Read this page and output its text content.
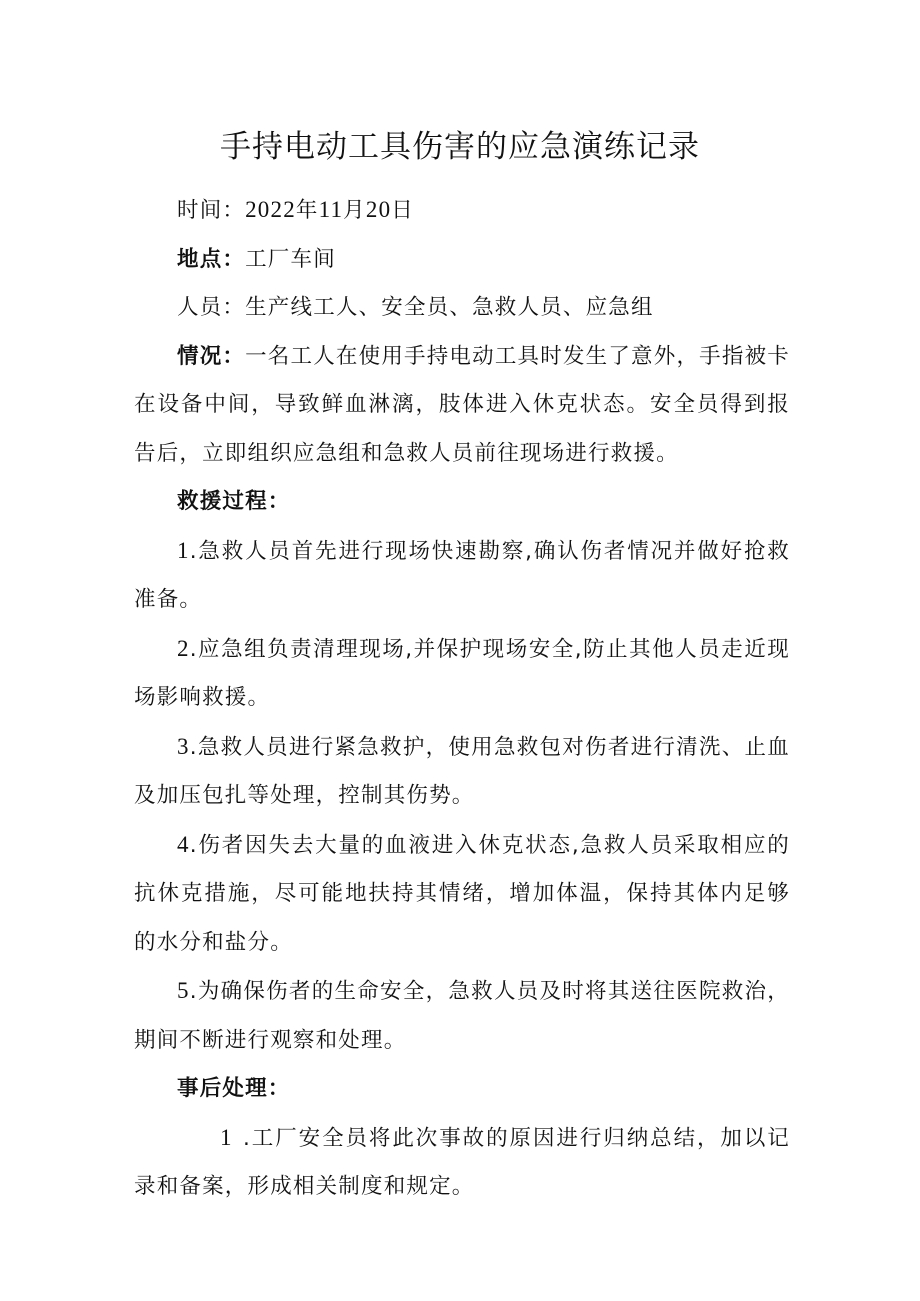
手持电动工具伤害的应急演练记录

时间：2022年11月20日

地点：工厂车间

人员：生产线工人、安全员、急救人员、应急组

情况：一名工人在使用手持电动工具时发生了意外，手指被卡在设备中间，导致鲜血淋漓，肢体进入休克状态。安全员得到报告后，立即组织应急组和急救人员前往现场进行救援。

救援过程：

1.急救人员首先进行现场快速勘察,确认伤者情况并做好抢救准备。

2.应急组负责清理现场,并保护现场安全,防止其他人员走近现场影响救援。

3.急救人员进行紧急救护，使用急救包对伤者进行清洗、止血及加压包扎等处理，控制其伤势。

4.伤者因失去大量的血液进入休克状态,急救人员采取相应的抗休克措施，尽可能地扶持其情绪，增加体温，保持其体内足够的水分和盐分。

5.为确保伤者的生命安全，急救人员及时将其送往医院救治，期间不断进行观察和处理。

事后处理：

1 .工厂安全员将此次事故的原因进行归纳总结，加以记录和备案，形成相关制度和规定。
